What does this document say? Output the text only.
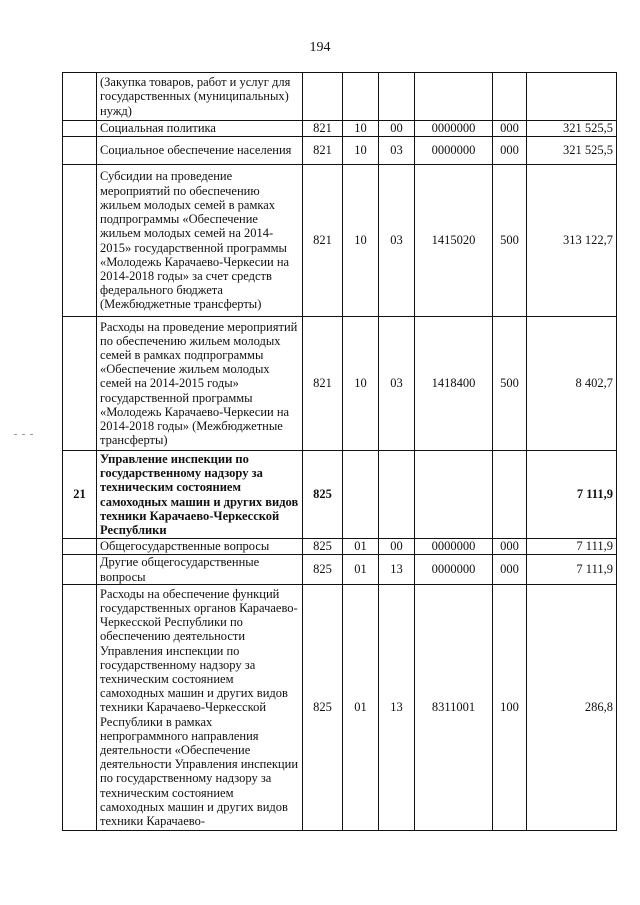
194
	(Закупка товаров, работ и услуг для государственных (муниципальных) нужд)						
	Социальная политика	821	10	00	0000000	000	321 525,5
	Социальное обеспечение населения	821	10	03	0000000	000	321 525,5
	Субсидии на проведение мероприятий по обеспечению жильем молодых семей в рамках подпрограммы «Обеспечение жильем молодых семей на 2014-2015» государственной программы «Молодежь Карачаево-Черкесии на 2014-2018 годы» за счет средств федерального бюджета (Межбюджетные трансферты)	821	10	03	1415020	500	313 122,7
	Расходы на проведение мероприятий по обеспечению жильем молодых семей в рамках подпрограммы «Обеспечение жильем молодых семей на 2014-2015 годы» государственной программы «Молодежь Карачаево-Черкесии на 2014-2018 годы» (Межбюджетные трансферты)	821	10	03	1418400	500	8 402,7
21	Управление инспекции по государственному надзору за техническим состоянием самоходных машин и других видов техники Карачаево-Черкесской Республики	825					7 111,9
	Общегосударственные вопросы	825	01	00	0000000	000	7 111,9
	Другие общегосударственные вопросы	825	01	13	0000000	000	7 111,9
	Расходы на обеспечение функций государственных органов Карачаево-Черкесской Республики по обеспечению деятельности Управления инспекции по государственному надзору за техническим состоянием самоходных машин и других видов техники Карачаево-Черкесской Республики в рамках непрограммного направления деятельности «Обеспечение деятельности Управления инспекции по государственному надзору за техническим состоянием самоходных машин и других видов техники Карачаево-	825	01	13	8311001	100	286,8
